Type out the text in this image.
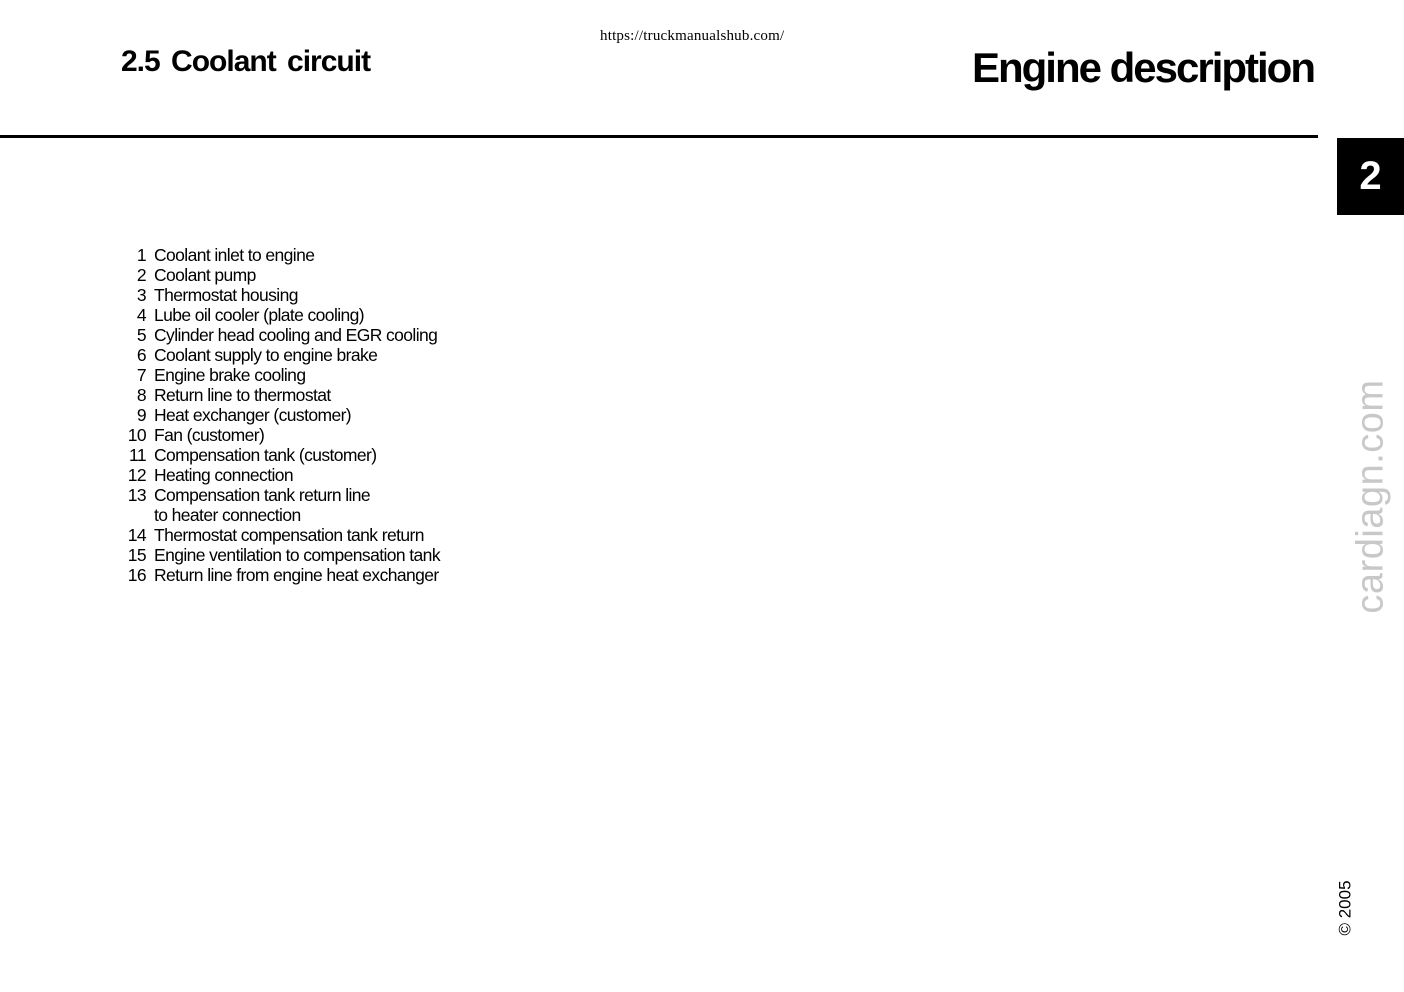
https://truckmanualshub.com/
2.5 Coolant circuit	Engine description
2
1 Coolant inlet to engine
2 Coolant pump
3 Thermostat housing
4 Lube oil cooler (plate cooling)
5 Cylinder head cooling and EGR cooling
6 Coolant supply to engine brake
7 Engine brake cooling
8 Return line to thermostat
9 Heat exchanger (customer)
10 Fan (customer)
11 Compensation tank (customer)
12 Heating connection
13 Compensation tank return line
to heater connection
14 Thermostat compensation tank return
15 Engine ventilation to compensation tank
16 Return line from engine heat exchanger	cardiagn.com
© 2005
